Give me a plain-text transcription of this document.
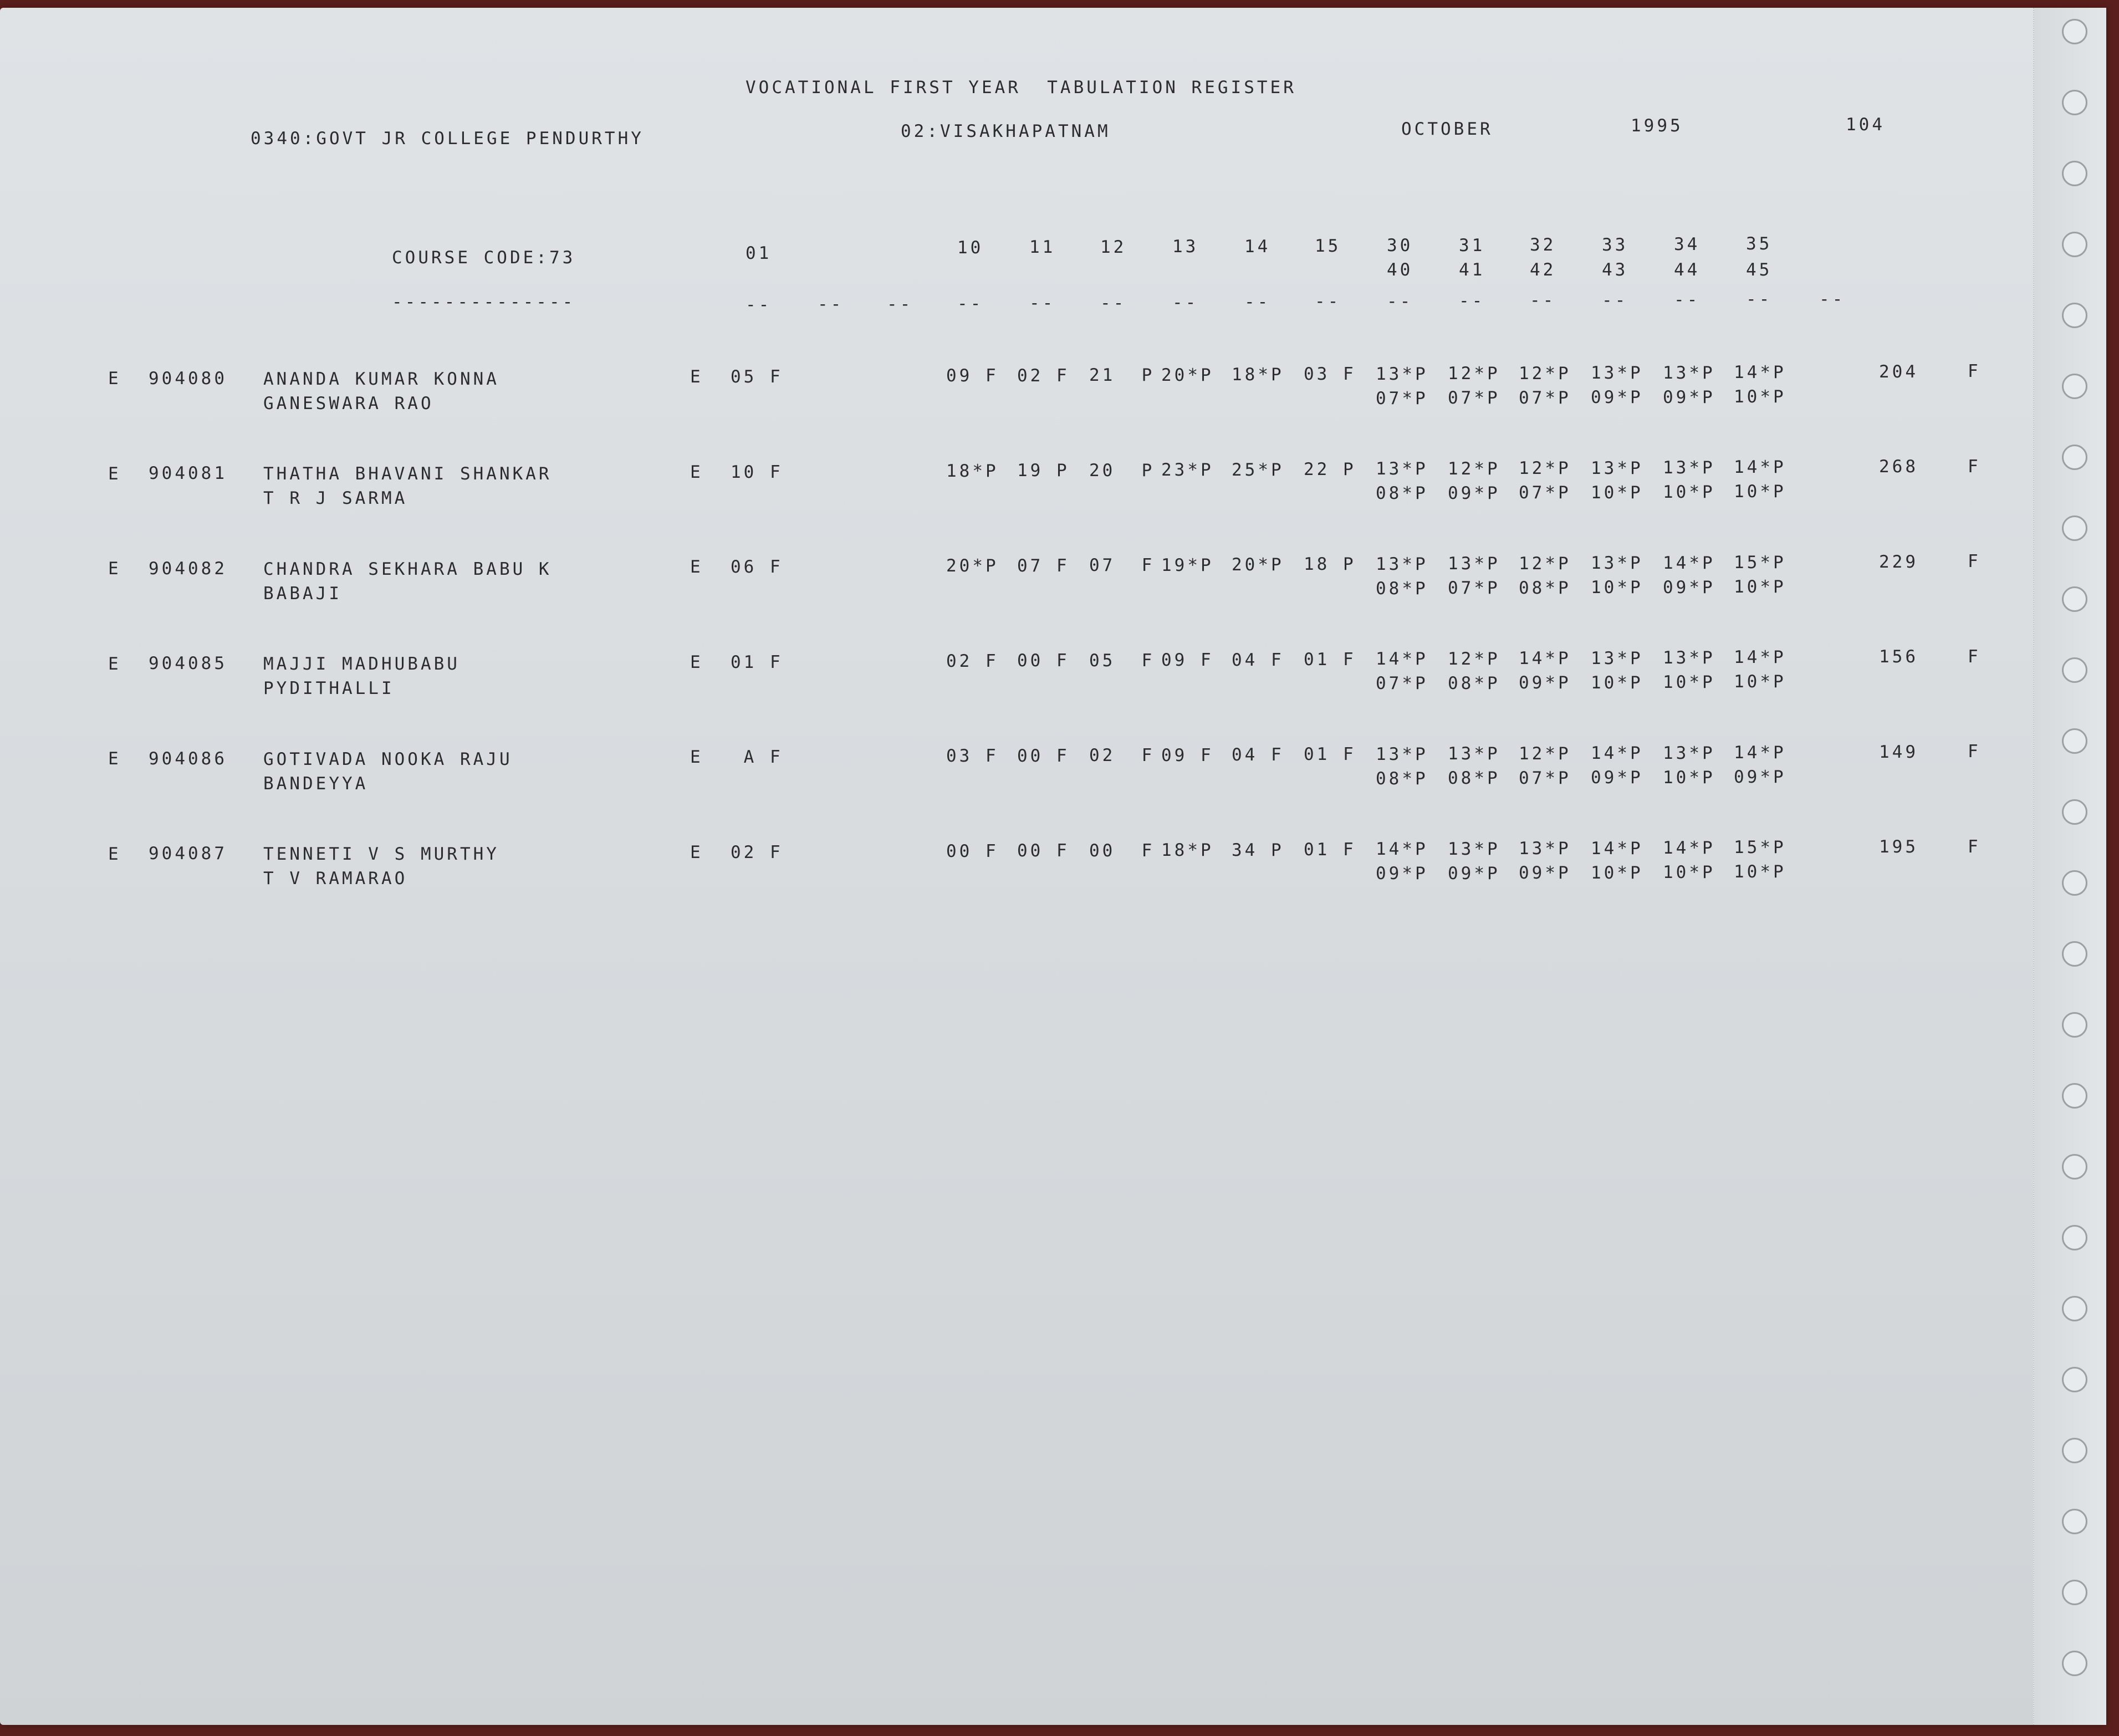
VOCATIONAL FIRST YEAR  TABULATION REGISTER
0340:GOVT JR COLLEGE PENDURTHY	02:VISAKHAPATNAM	OCTOBER	1995	104
COURSE CODE:73
--------------
01	10	11	12	13	14	15	30	31	32	33	34	35
40	41	42	43	44	45
--	--	--	--	--	--	--	--	--	--	--	--	--	--	--	--
E 904080 ANANDA KUMAR KONNA
GANESWARA RAO
E 05 F	09 F 02 F 21  P 20*P 18*P 03 F 13*P 12*P 12*P 13*P 13*P 14*P
07*P 07*P 07*P 09*P 09*P 10*P
204	F
E 904081 THATHA BHAVANI SHANKAR
T R J SARMA
E 10 F	18*P 19 P 20  P 23*P 25*P 22 P 13*P 12*P 12*P 13*P 13*P 14*P
08*P 09*P 07*P 10*P 10*P 10*P
268	F
E 904082 CHANDRA SEKHARA BABU K
BABAJI
E 06 F	20*P 07 F 07  F 19*P 20*P 18 P 13*P 13*P 12*P 13*P 14*P 15*P
08*P 07*P 08*P 10*P 09*P 10*P
229	F
E 904085 MAJJI MADHUBABU
PYDITHALLI
E 01 F	02 F 00 F 05  F 09 F 04 F 01 F 14*P 12*P 14*P 13*P 13*P 14*P
07*P 08*P 09*P 10*P 10*P 10*P
156	F
E 904086 GOTIVADA NOOKA RAJU
BANDEYYA
E A F	03 F 00 F 02  F 09 F 04 F 01 F 13*P 13*P 12*P 14*P 13*P 14*P
08*P 08*P 07*P 09*P 10*P 09*P
149	F
E 904087 TENNETI V S MURTHY
T V RAMARAO
E 02 F	00 F 00 F 00  F 18*P 34 P 01 F 14*P 13*P 13*P 14*P 14*P 15*P
09*P 09*P 09*P 10*P 10*P 10*P
195	F
